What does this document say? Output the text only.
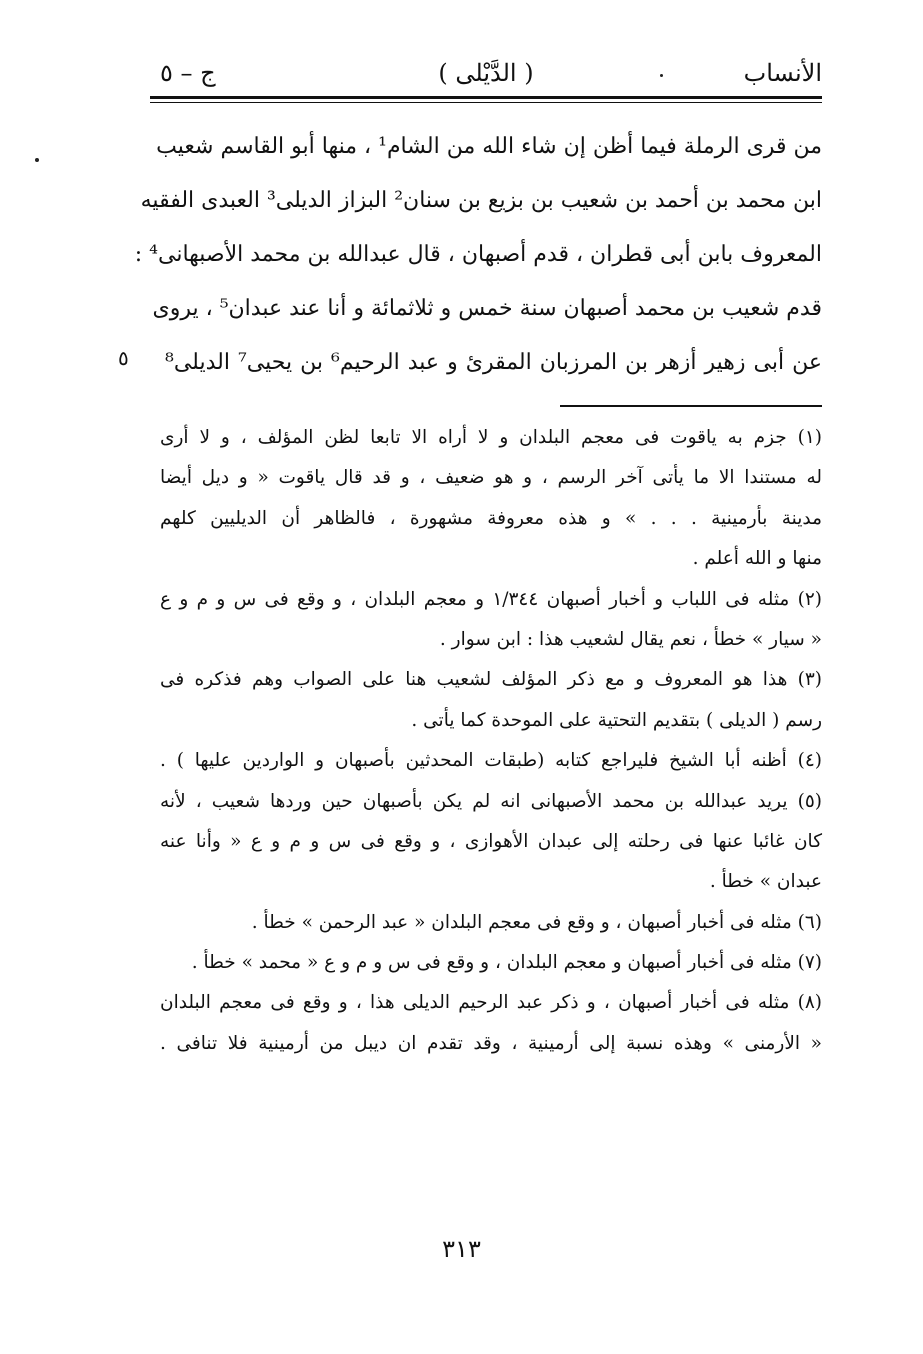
الأنساب
( الدَّيْلى )
ج – ٥

من قرى الرملة فيما أظن إن شاء الله من الشام¹ ، منها أبو القاسم شعيب

ابن محمد بن أحمد بن شعيب بن بزيع بن سنان² البزاز الديلى³ العبدى الفقيه

المعروف بابن أبى قطران ، قدم أصبهان ، قال عبدالله بن محمد الأصبهانى⁴ :

قدم شعيب بن محمد أصبهان سنة خمس و ثلاثمائة و أنا عند عبدان⁵ ، يروى

عن أبى زهير أزهر بن المرزبان المقرئ و عبد الرحيم⁶ بن يحيى⁷ الديلى⁸

٥

(١) جزم به ياقوت فى معجم البلدان و لا أراه الا تابعا لظن المؤلف ، و لا أرى

له مستندا الا ما يأتى آخر الرسم ، و هو ضعيف ، و قد قال ياقوت « و ديل أيضا

مدينة بأرمينية . . . » و هذه معروفة مشهورة ، فالظاهر أن الديليين كلهم

منها و الله أعلم .

(٢) مثله فى اللباب و أخبار أصبهان ١/٣٤٤ و معجم البلدان ، و وقع فى س و م و ع

« سيار » خطأ ، نعم يقال لشعيب هذا : ابن سوار .

(٣) هذا هو المعروف و مع ذكر المؤلف لشعيب هنا على الصواب وهم فذكره فى

رسم ( الديلى ) بتقديم التحتية على الموحدة كما يأتى .

(٤) أظنه أبا الشيخ فليراجع كتابه (طبقات المحدثين بأصبهان و الواردين عليها ) .

(٥) يريد عبدالله بن محمد الأصبهانى انه لم يكن بأصبهان حين وردها شعيب ، لأنه

كان غائبا عنها فى رحلته إلى عبدان الأهوازى ، و وقع فى س و م و ع « وأنا عنه

عبدان » خطأ .

(٦) مثله فى أخبار أصبهان ، و وقع فى معجم البلدان « عبد الرحمن » خطأ .

(٧) مثله فى أخبار أصبهان و معجم البلدان ، و وقع فى س و م و ع « محمد » خطأ .

(٨) مثله فى أخبار أصبهان ، و ذكر عبد الرحيم الديلى هذا ، و وقع فى معجم البلدان

« الأرمنى » وهذه نسبة إلى أرمينية ، وقد تقدم ان ديبل من أرمينية فلا تنافى .

٣١٣
